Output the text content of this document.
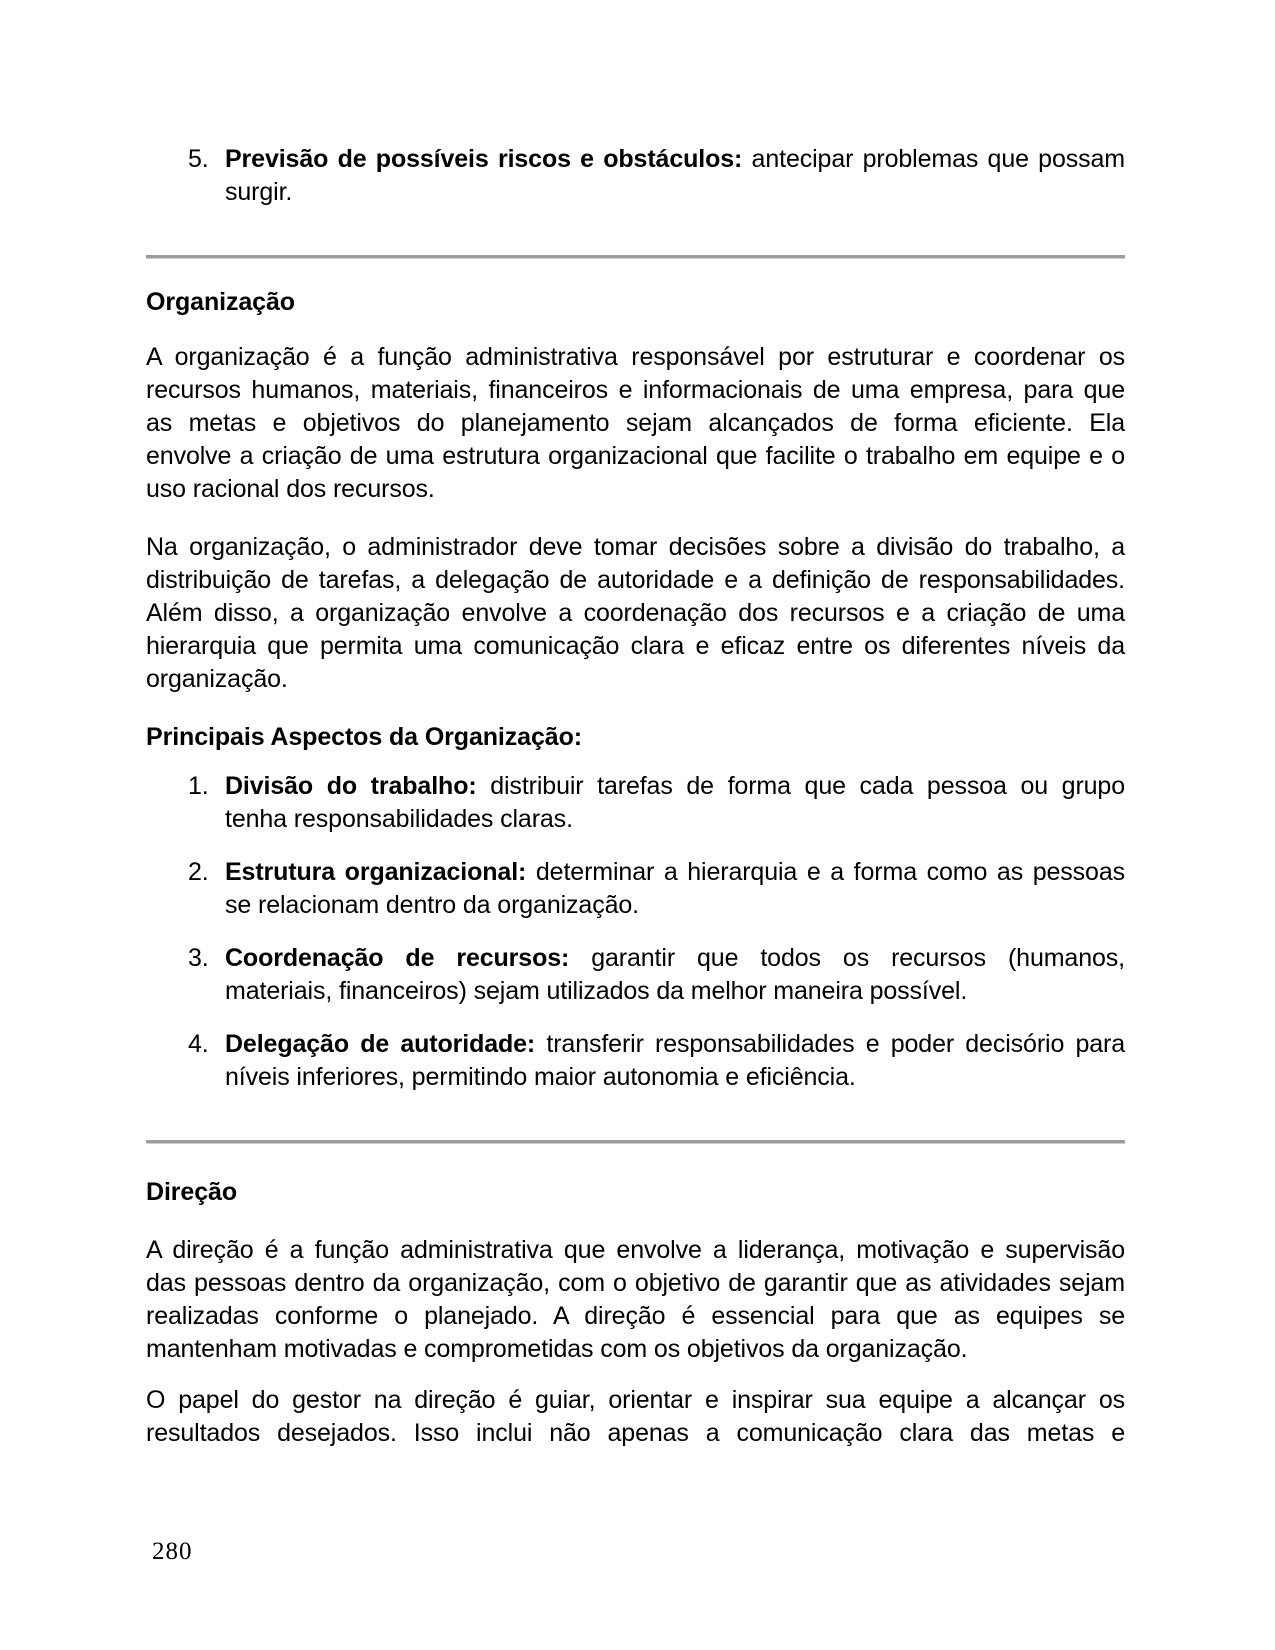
5. Previsão de possíveis riscos e obstáculos: antecipar problemas que possam
surgir.
Organização
A organização é a função administrativa responsável por estruturar e coordenar os
recursos humanos, materiais, financeiros e informacionais de uma empresa, para que
as metas e objetivos do planejamento sejam alcançados de forma eficiente. Ela
envolve a criação de uma estrutura organizacional que facilite o trabalho em equipe e o
uso racional dos recursos.
Na organização, o administrador deve tomar decisões sobre a divisão do trabalho, a
distribuição de tarefas, a delegação de autoridade e a definição de responsabilidades.
Além disso, a organização envolve a coordenação dos recursos e a criação de uma
hierarquia que permita uma comunicação clara e eficaz entre os diferentes níveis da
organização.
Principais Aspectos da Organização:
1. Divisão do trabalho: distribuir tarefas de forma que cada pessoa ou grupo
tenha responsabilidades claras.
2. Estrutura organizacional: determinar a hierarquia e a forma como as pessoas
se relacionam dentro da organização.
3. Coordenação de recursos: garantir que todos os recursos (humanos,
materiais, financeiros) sejam utilizados da melhor maneira possível.
4. Delegação de autoridade: transferir responsabilidades e poder decisório para
níveis inferiores, permitindo maior autonomia e eficiência.
Direção
A direção é a função administrativa que envolve a liderança, motivação e supervisão
das pessoas dentro da organização, com o objetivo de garantir que as atividades sejam
realizadas conforme o planejado. A direção é essencial para que as equipes se
mantenham motivadas e comprometidas com os objetivos da organização.
O papel do gestor na direção é guiar, orientar e inspirar sua equipe a alcançar os
resultados desejados. Isso inclui não apenas a comunicação clara das metas e
280
